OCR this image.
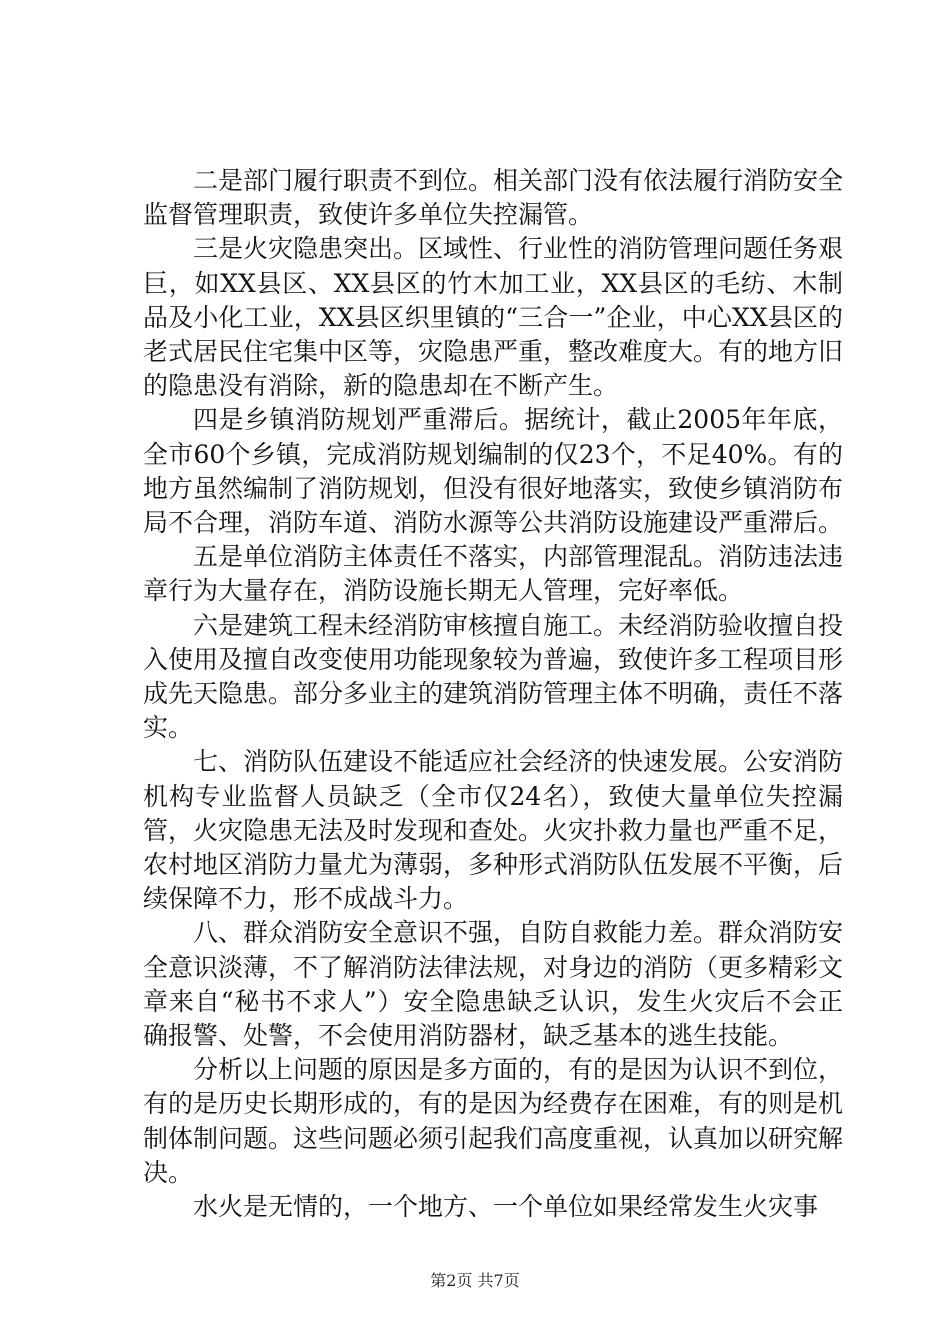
二是部门履行职责不到位。相关部门没有依法履行消防安全监督管理职责，致使许多单位失控漏管。

三是火灾隐患突出。区域性、行业性的消防管理问题任务艰巨，如XX县区、XX县区的竹木加工业，XX县区的毛纺、木制品及小化工业，XX县区织里镇的“三合一”企业，中心XX县区的老式居民住宅集中区等，灾隐患严重，整改难度大。有的地方旧的隐患没有消除，新的隐患却在不断产生。

四是乡镇消防规划严重滞后。据统计，截止2005年年底，全市60个乡镇，完成消防规划编制的仅23个，不足40%。有的地方虽然编制了消防规划，但没有很好地落实，致使乡镇消防布局不合理，消防车道、消防水源等公共消防设施建设严重滞后。

五是单位消防主体责任不落实，内部管理混乱。消防违法违章行为大量存在，消防设施长期无人管理，完好率低。

六是建筑工程未经消防审核擅自施工。未经消防验收擅自投入使用及擅自改变使用功能现象较为普遍，致使许多工程项目形成先天隐患。部分多业主的建筑消防管理主体不明确，责任不落实。

七、消防队伍建设不能适应社会经济的快速发展。公安消防机构专业监督人员缺乏（全市仅24名），致使大量单位失控漏管，火灾隐患无法及时发现和查处。火灾扑救力量也严重不足，农村地区消防力量尤为薄弱，多种形式消防队伍发展不平衡，后续保障不力，形不成战斗力。

八、群众消防安全意识不强，自防自救能力差。群众消防安全意识淡薄，不了解消防法律法规，对身边的消防（更多精彩文章来自“秘书不求人”）安全隐患缺乏认识，发生火灾后不会正确报警、处警，不会使用消防器材，缺乏基本的逃生技能。

分析以上问题的原因是多方面的，有的是因为认识不到位，有的是历史长期形成的，有的是因为经费存在困难，有的则是机制体制问题。这些问题必须引起我们高度重视，认真加以研究解决。

水火是无情的，一个地方、一个单位如果经常发生火灾事

第2页 共7页
